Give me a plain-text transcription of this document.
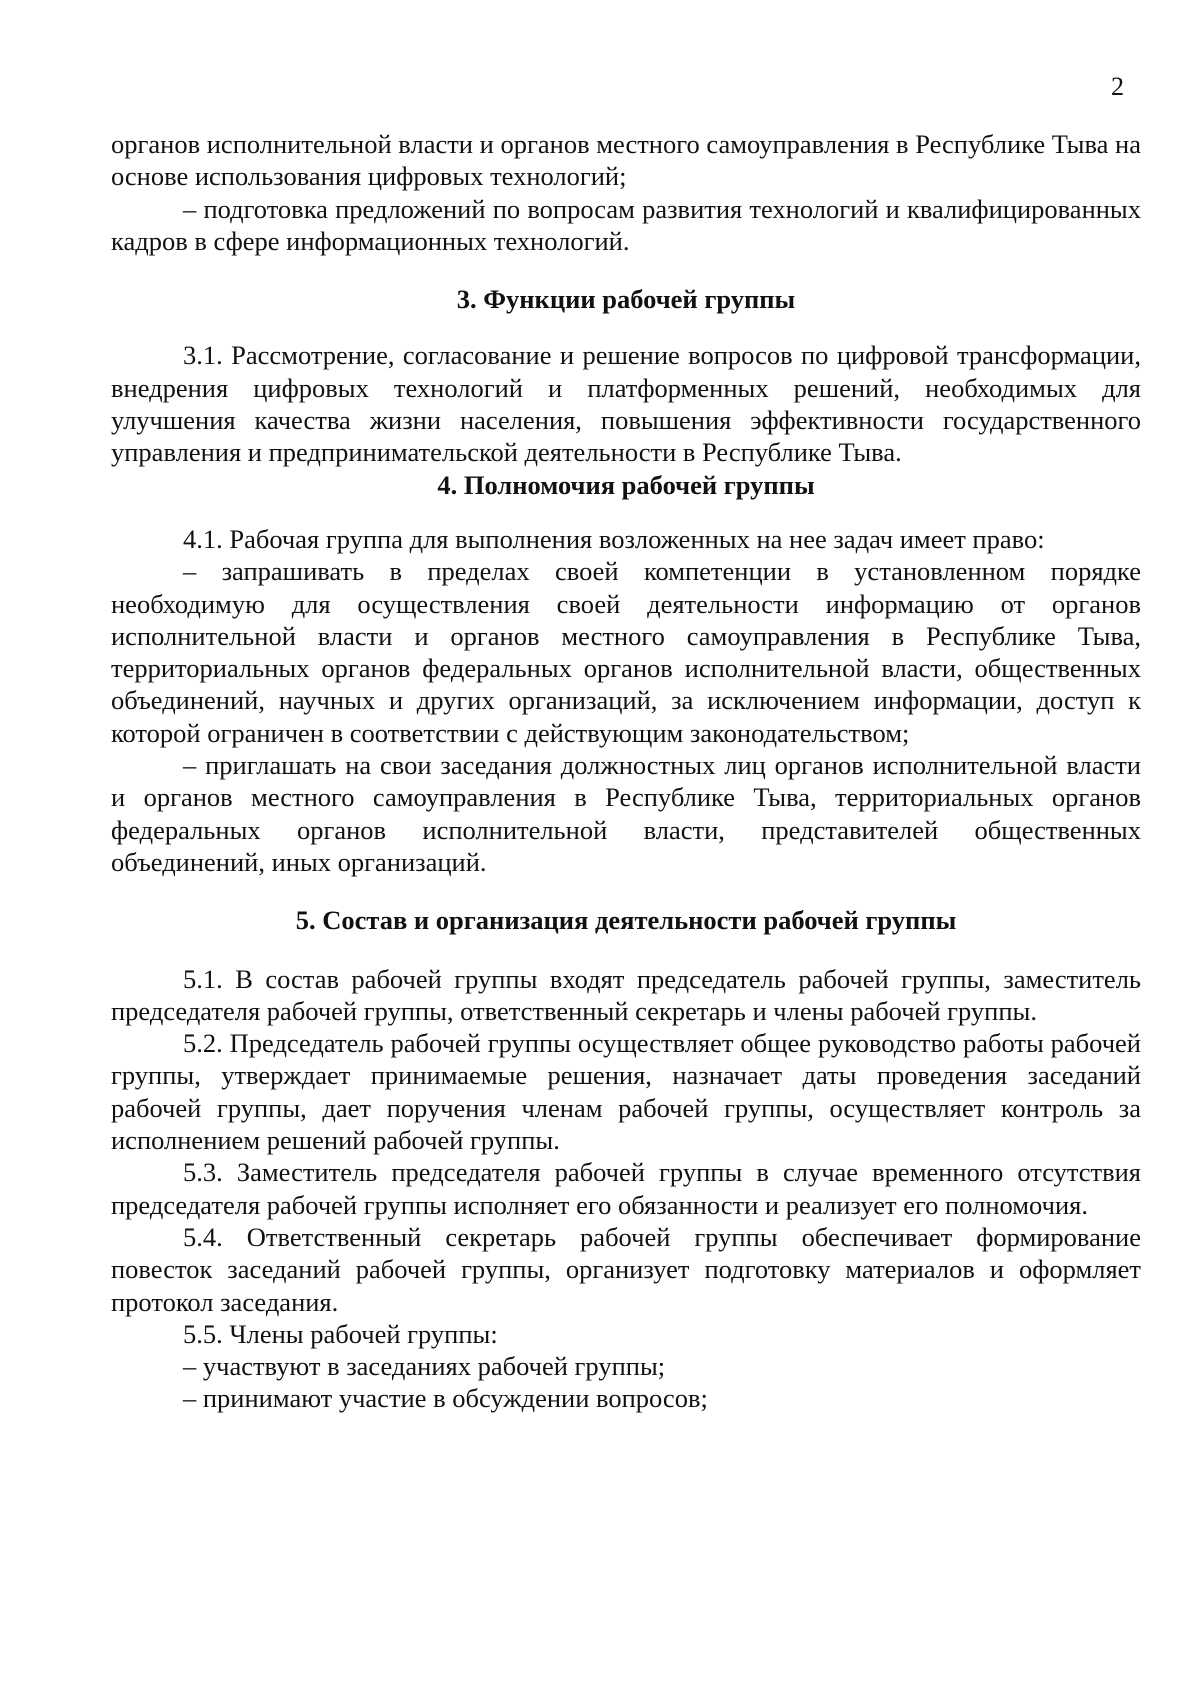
2

органов исполнительной власти и органов местного самоуправления в Республике Тыва на основе использования цифровых технологий;

– подготовка предложений по вопросам развития технологий и квалифицированных кадров в сфере информационных технологий.

3. Функции рабочей группы

3.1. Рассмотрение, согласование и решение вопросов по цифровой трансформации, внедрения цифровых технологий и платформенных решений, необходимых для улучшения качества жизни населения, повышения эффективности государственного управления и предпринимательской деятельности в Республике Тыва.

4. Полномочия рабочей группы

4.1. Рабочая группа для выполнения возложенных на нее задач имеет право:

– запрашивать в пределах своей компетенции в установленном порядке необходимую для осуществления своей деятельности информацию от органов исполнительной власти и органов местного самоуправления в Республике Тыва, территориальных органов федеральных органов исполнительной власти, общественных объединений, научных и других организаций, за исключением информации, доступ к которой ограничен в соответствии с действующим законодательством;

– приглашать на свои заседания должностных лиц органов исполнительной власти и органов местного самоуправления в Республике Тыва, территориальных органов федеральных органов исполнительной власти, представителей общественных объединений, иных организаций.

5. Состав и организация деятельности рабочей группы

5.1. В состав рабочей группы входят председатель рабочей группы, заместитель председателя рабочей группы, ответственный секретарь и члены рабочей группы.

5.2. Председатель рабочей группы осуществляет общее руководство работы рабочей группы, утверждает принимаемые решения, назначает даты проведения заседаний рабочей группы, дает поручения членам рабочей группы, осуществляет контроль за исполнением решений рабочей группы.

5.3. Заместитель председателя рабочей группы в случае временного отсутствия председателя рабочей группы исполняет его обязанности и реализует его полномочия.

5.4. Ответственный секретарь рабочей группы обеспечивает формирование повесток заседаний рабочей группы, организует подготовку материалов и оформляет протокол заседания.

5.5. Члены рабочей группы:

– участвуют в заседаниях рабочей группы;

– принимают участие в обсуждении вопросов;
